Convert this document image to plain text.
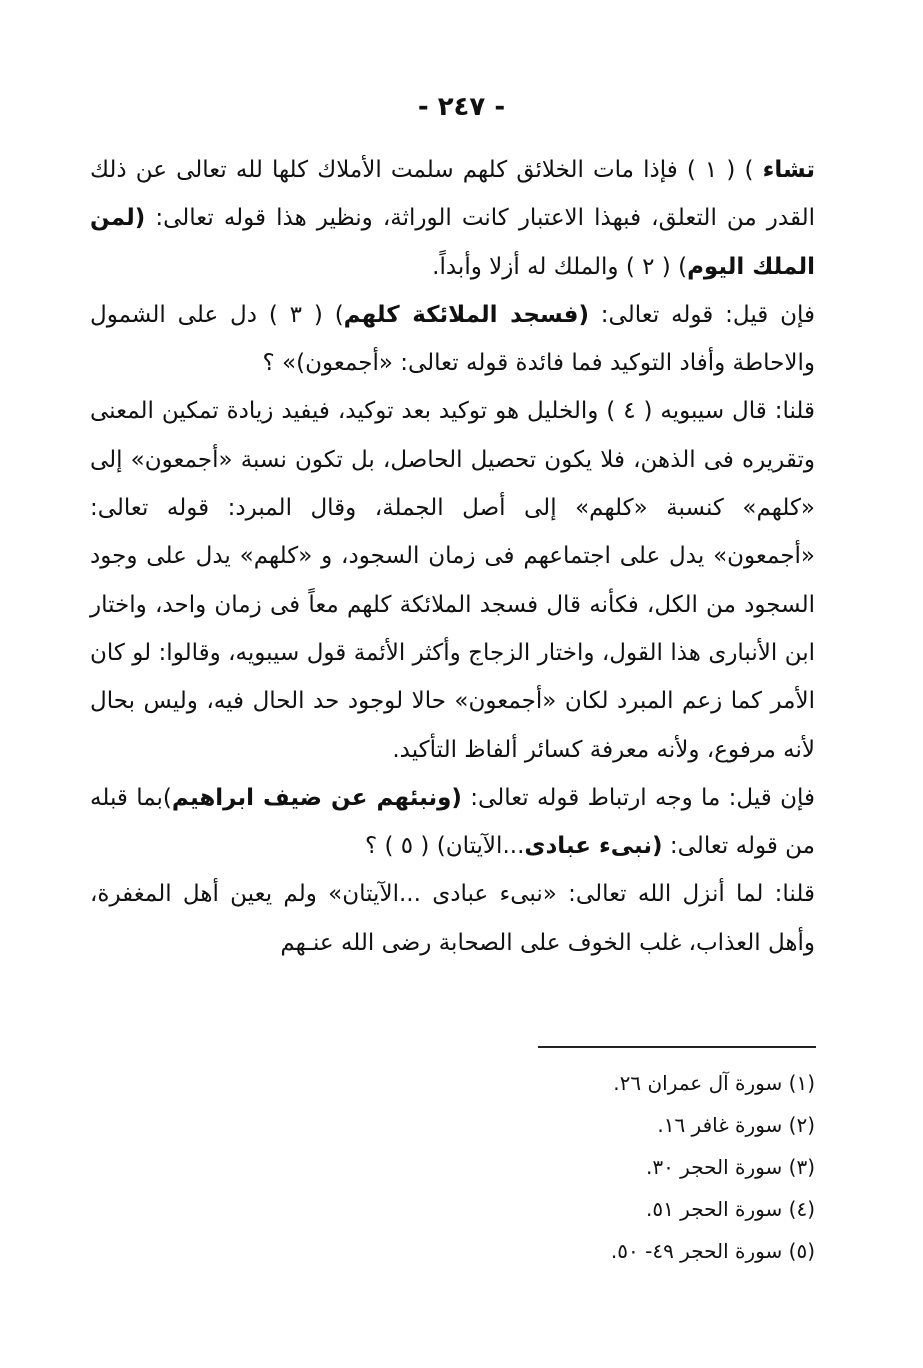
- ٢٤٧ -

تشاء ) ( ١ ) فإذا مات الخلائق كلهم سلمت الأملاك كلها لله تعالى عن ذلك القدر من التعلق، فبهذا الاعتبار كانت الوراثة، ونظير هذا قوله تعالى: (لمن الملك اليوم) ( ٢ ) والملك له أزلا وأبداً.

فإن قيل: قوله تعالى: (فسجد الملائكة كلهم) ( ٣ ) دل على الشمول والاحاطة وأفاد التوكيد فما فائدة قوله تعالى: «أجمعون)» ؟

قلنا: قال سيبويه ( ٤ ) والخليل هو توكيد بعد توكيد، فيفيد زيادة تمكين المعنى وتقريره فى الذهن، فلا يكون تحصيل الحاصل، بل تكون نسبة «أجمعون» إلى «كلهم» كنسبة «كلهم» إلى أصل الجملة، وقال المبرد: قوله تعالى: «أجمعون» يدل على اجتماعهم فى زمان السجود، و «كلهم» يدل على وجود السجود من الكل، فكأنه قال فسجد الملائكة كلهم معاً فى زمان واحد، واختار ابن الأنبارى هذا القول، واختار الزجاج وأكثر الأئمة قول سيبويه، وقالوا: لو كان الأمر كما زعم المبرد لكان «أجمعون» حالا لوجود حد الحال فيه، وليس بحال لأنه مرفوع، ولأنه معرفة كسائر ألفاظ التأكيد.

فإن قيل: ما وجه ارتباط قوله تعالى: (ونبئهم عن ضيف ابراهيم)بما قبله من قوله تعالى: (نبىء عبادى...الآيتان) ( ٥ ) ؟

قلنا: لما أنزل الله تعالى: «نبىء عبادى ...الآيتان» ولم يعين أهل المغفرة، وأهل العذاب، غلب الخوف على الصحابة رضى الله عنـهم

(١) سورة آل عمران ٢٦.
(٢) سورة غافر ١٦.
(٣) سورة الحجر ٣٠.
(٤) سورة الحجر ٥١.
(٥) سورة الحجر ٤٩- ٥٠.
